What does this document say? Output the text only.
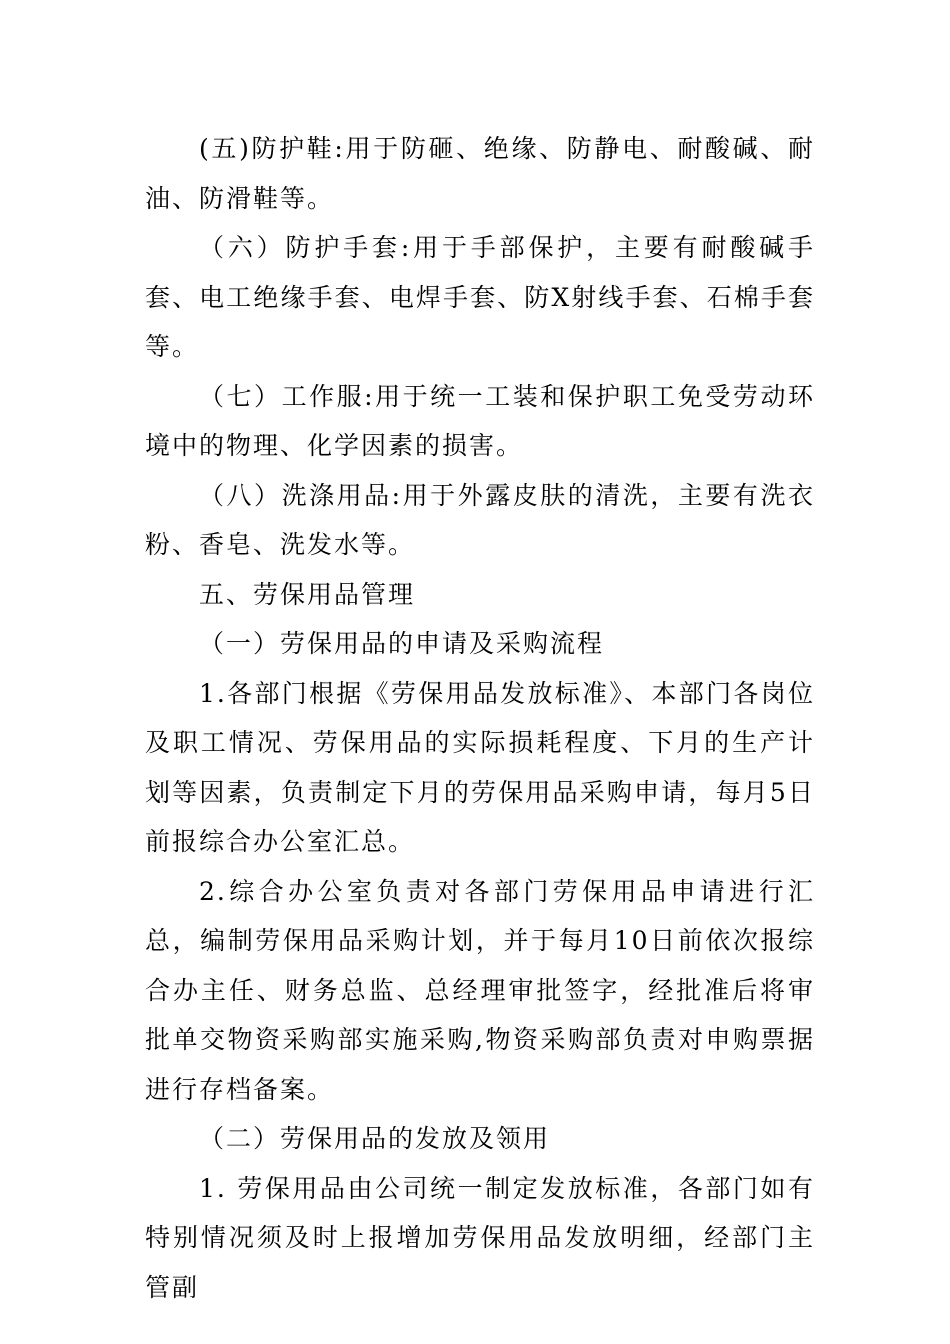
(五)防护鞋:用于防砸、绝缘、防静电、耐酸碱、耐油、防滑鞋等。

（六）防护手套:用于手部保护，主要有耐酸碱手套、电工绝缘手套、电焊手套、防X射线手套、石棉手套等。

（七）工作服:用于统一工装和保护职工免受劳动环境中的物理、化学因素的损害。

（八）洗涤用品:用于外露皮肤的清洗，主要有洗衣粉、香皂、洗发水等。

五、劳保用品管理

（一）劳保用品的申请及采购流程

1.各部门根据《劳保用品发放标准》、本部门各岗位及职工情况、劳保用品的实际损耗程度、下月的生产计划等因素，负责制定下月的劳保用品采购申请，每月5日前报综合办公室汇总。

2.综合办公室负责对各部门劳保用品申请进行汇总，编制劳保用品采购计划，并于每月10日前依次报综合办主任、财务总监、总经理审批签字，经批准后将审批单交物资采购部实施采购,物资采购部负责对申购票据进行存档备案。

（二）劳保用品的发放及领用

1. 劳保用品由公司统一制定发放标准，各部门如有特别情况须及时上报增加劳保用品发放明细，经部门主管副
